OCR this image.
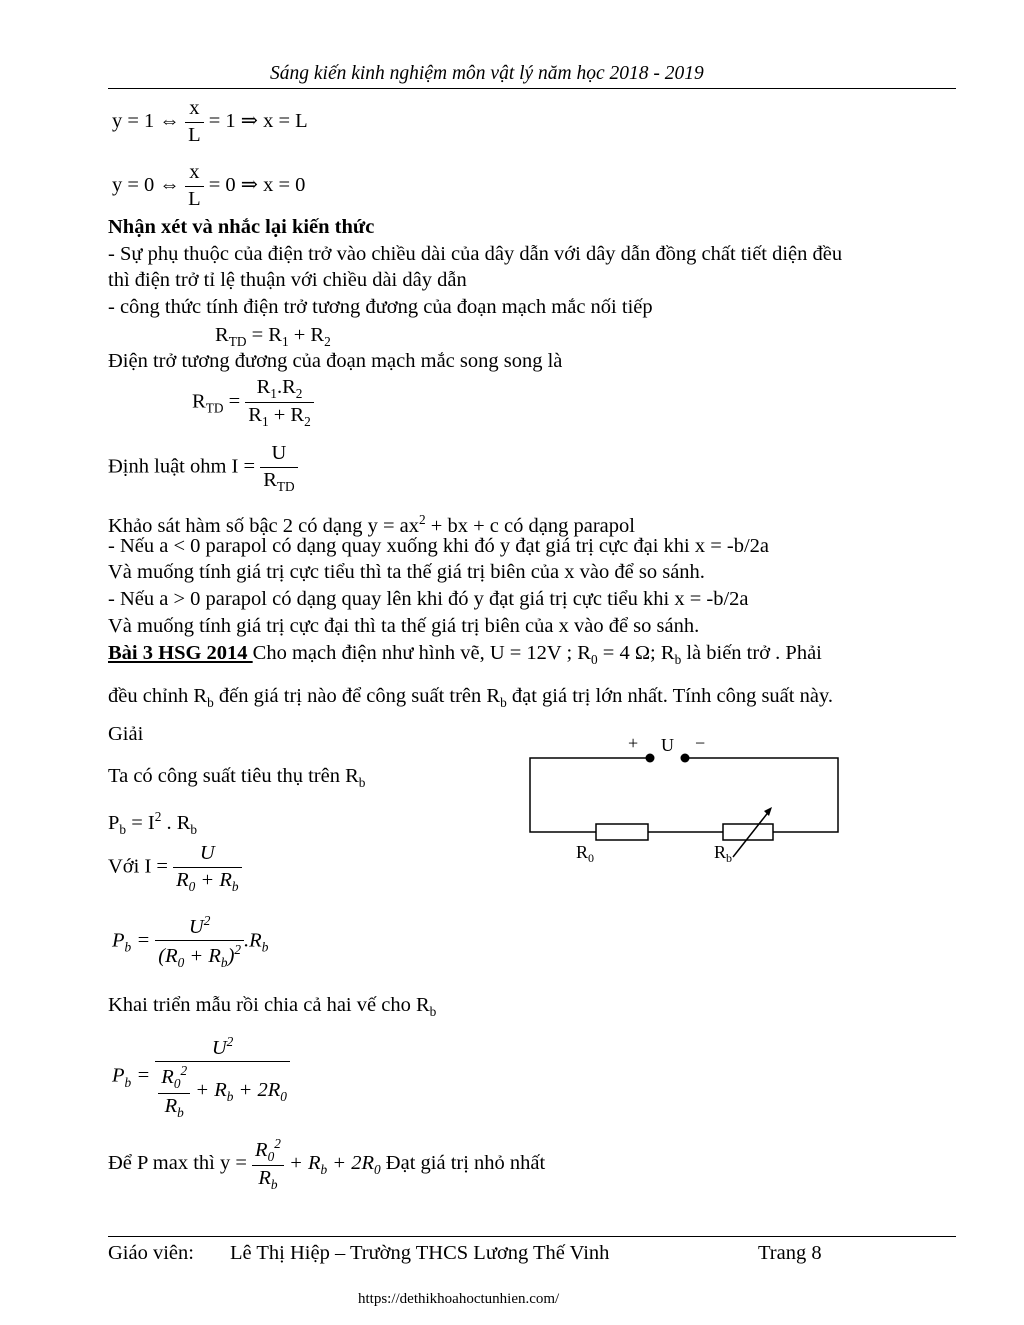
Sáng kiến kinh nghiệm môn vật lý năm học 2018 - 2019
y = 1 ⇔ $\frac{x}{L} = 1$ ⇒ x = L
y = 0 ⇔ $\frac{x}{L} = 0$ ⇒ x = 0
Nhận xét và nhắc lại kiến thức
- Sự phụ thuộc của điện trở vào chiều dài của dây dẫn với dây dẫn đồng chất tiết diện đều
thì điện trở tỉ lệ thuận với chiều dài dây dẫn
- công thức tính điện trở tương đương của đoạn mạch mắc nối tiếp
$R_{TD} = R_1 + R_2$
Điện trở tương đương của đoạn mạch mắc song song là
$R_{TD} = \frac{R_1.R_2}{R_1 + R_2}$
Định luật ohm $I = \frac{U}{R_{TD}}$
Khảo sát hàm số bậc 2 có dạng $y = ax^2$ + bx + c có dạng parapol
- Nếu a < 0 parapol có dạng quay xuống khi đó y đạt giá trị cực đại khi x = -b/2a
Và muống tính giá trị cực tiểu thì ta thế giá trị biên của x vào để so sánh.
- Nếu a > 0 parapol có dạng quay lên khi đó y đạt giá trị cực tiểu khi x = -b/2a
Và muống tính giá trị cực đại thì ta thế giá trị biên của x vào để so sánh.
Bài 3 HSG 2014 Cho mạch điện như hình vẽ, U = 12V ; $R_0 = 4$ Ω; $R_b$ là biến trở . Phải
đều chỉnh $R_b$ đến giá trị nào để công suất trên $R_b$ đạt giá trị lớn nhất. Tính công suất này.
Giải
Ta có công suất tiêu thụ trên $R_b$
$P_b = I^2$ . $R_b$
Với $I = \frac{U}{R_0 + R_b}$
$P_b = \frac{U^2}{(R_0 + R_b)^2} .R_b$
Khai triển mẫu rồi chia cả hai vế cho $R_b$
$P_b = \frac{U^2}{\frac{R_0^2}{R_b} + R_b + 2R_0}$
Để P max thì $y = \frac{R_0^2}{R_b} + R_b + 2R_0$ Đạt giá trị nhỏ nhất
+ U −
$R_0$	$R_b$
Giáo viên: Lê Thị Hiệp – Trường THCS Lương Thế Vinh	Trang 8
https://dethikhoahoctunhien.com/
